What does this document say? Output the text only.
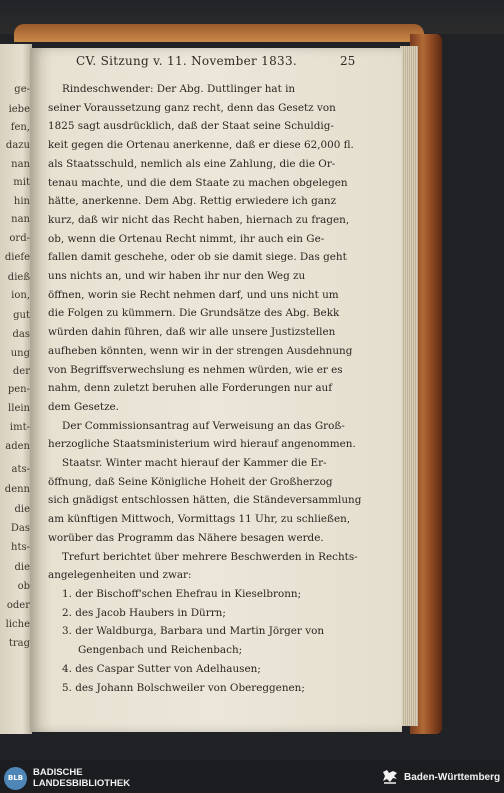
ge-
iebe
fen,
dazu
nan
mit
hin
nan
ord-
diefe
dieß
ion,
gut
das
ung
der
pen-
llein
imt-
aden
ats-
denn
die
Das
hts-
die
ob
oder
liche
trag
CV. Sitzung v. 11. November 1833.	25
Rindeschwender: Der Abg. Duttlinger hat in
seiner Voraussetzung ganz recht, denn das Gesetz von
1825 sagt ausdrücklich, daß der Staat seine Schuldig-
keit gegen die Ortenau anerkenne, daß er diese 62,000 fl.
als Staatsschuld, nemlich als eine Zahlung, die die Or-
tenau machte, und die dem Staate zu machen obgelegen
hätte, anerkenne. Dem Abg. Rettig erwiedere ich ganz
kurz, daß wir nicht das Recht haben, hiernach zu fragen,
ob, wenn die Ortenau Recht nimmt, ihr auch ein Ge-
fallen damit geschehe, oder ob sie damit siege. Das geht
uns nichts an, und wir haben ihr nur den Weg zu
öffnen, worin sie Recht nehmen darf, und uns nicht um
die Folgen zu kümmern. Die Grundsätze des Abg. Bekk
würden dahin führen, daß wir alle unsere Justizstellen
aufheben könnten, wenn wir in der strengen Ausdehnung
von Begriffsverwechslung es nehmen würden, wie er es
nahm, denn zuletzt beruhen alle Forderungen nur auf
dem Gesetze.
Der Commissionsantrag auf Verweisung an das Groß-
herzogliche Staatsministerium wird hierauf angenommen.
Staatsr. Winter macht hierauf der Kammer die Er-
öffnung, daß Seine Königliche Hoheit der Großherzog
sich gnädigst entschlossen hätten, die Ständeversammlung
am künftigen Mittwoch, Vormittags 11 Uhr, zu schließen,
worüber das Programm das Nähere besagen werde.
Trefurt berichtet über mehrere Beschwerden in Rechts-
angelegenheiten und zwar:
1. der Bischoff'schen Ehefrau in Kieselbronn;
2. des Jacob Haubers in Dürrn;
3. der Waldburga, Barbara und Martin Jörger von
Gengenbach und Reichenbach;
4. des Caspar Sutter von Adelhausen;
5. des Johann Bolschweiler von Obereggenen;
BLB	BADISCHE
LANDESBIBLIOTHEK
Baden-Württemberg
